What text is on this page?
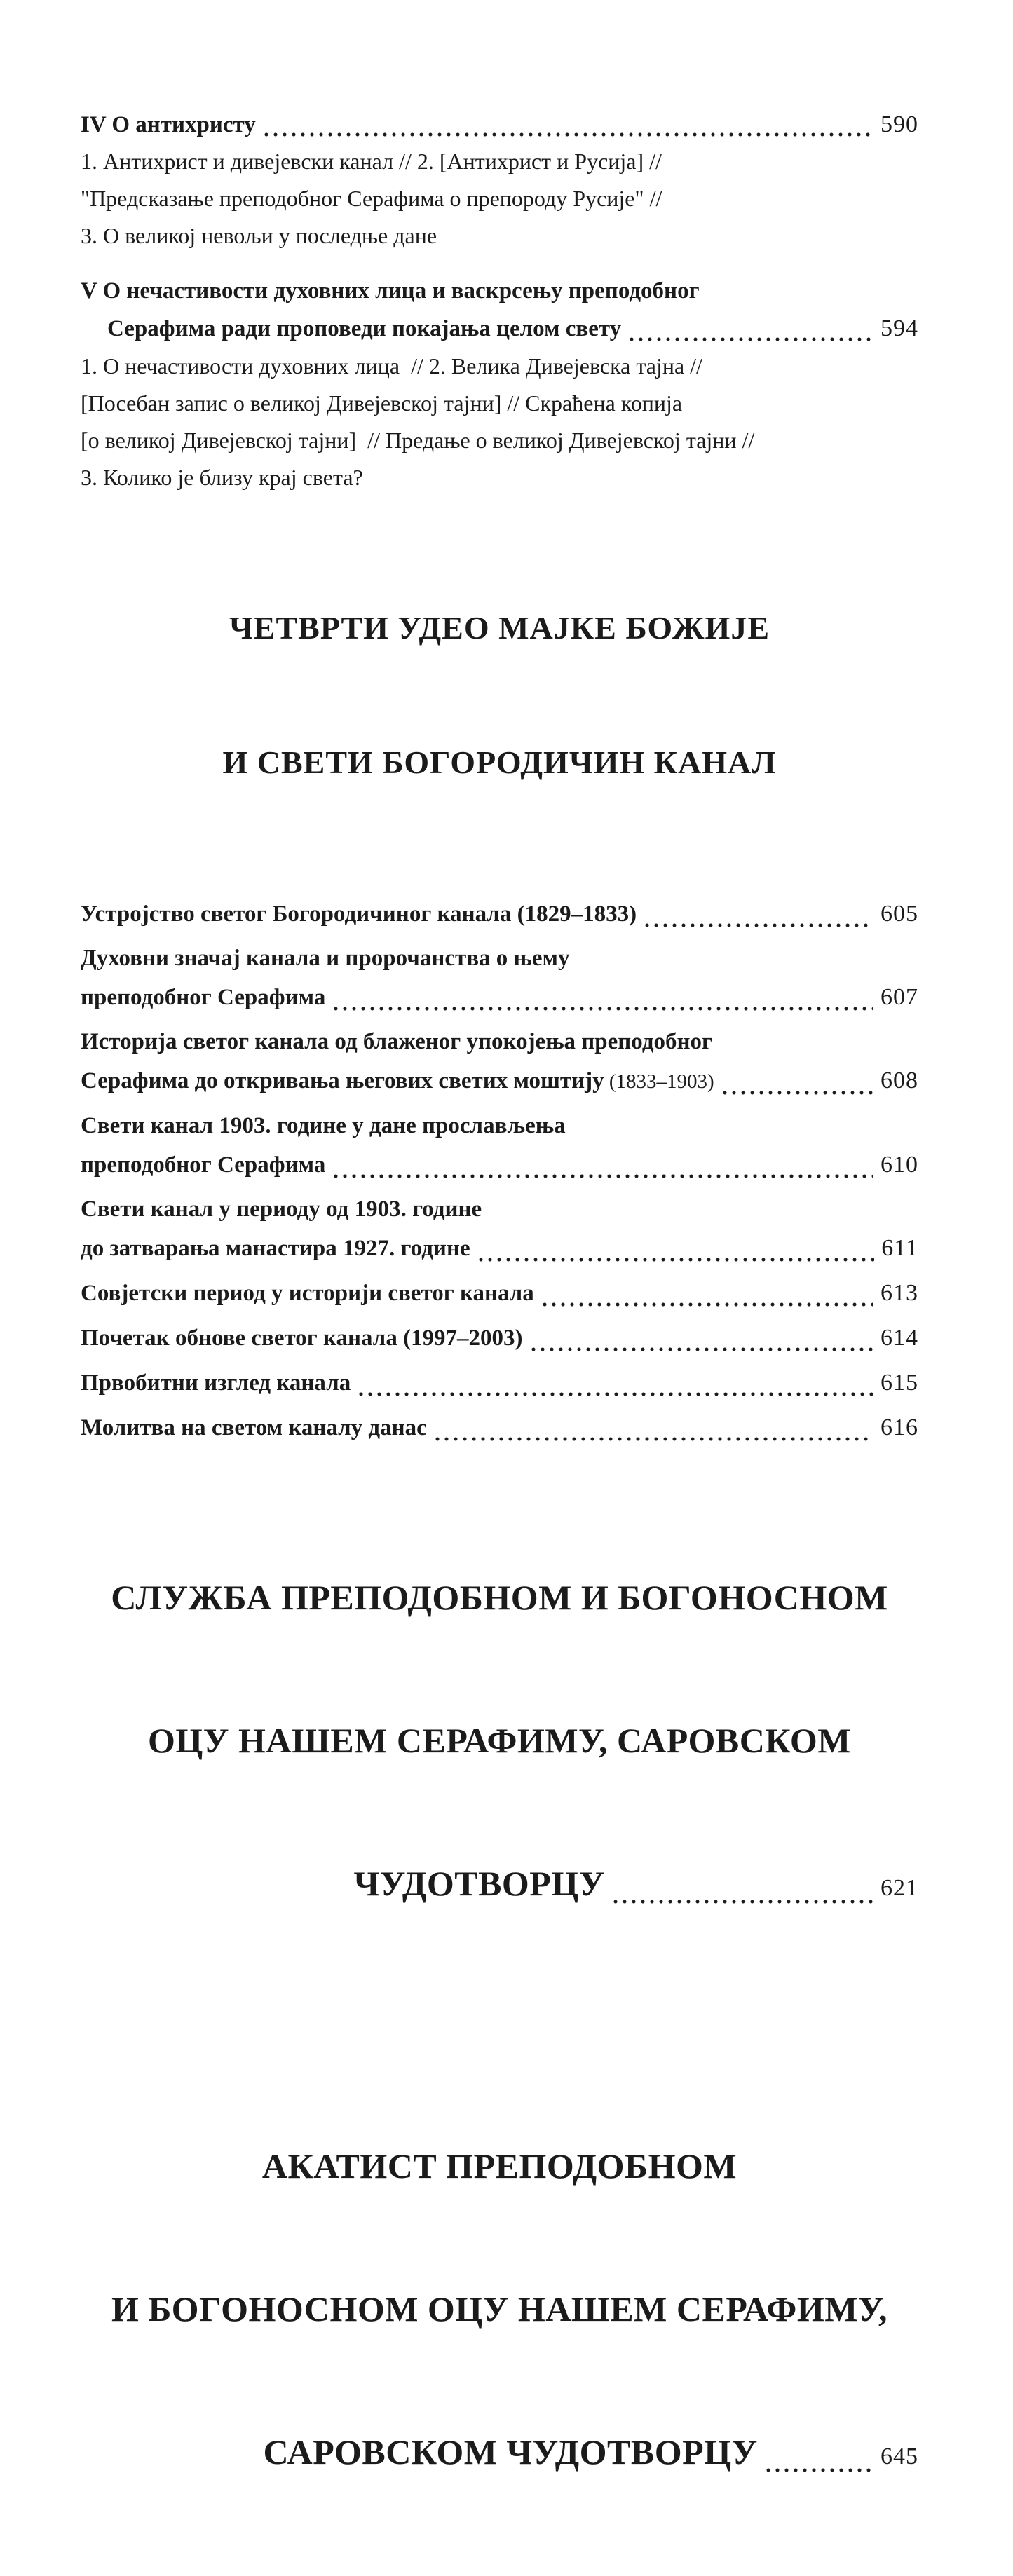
IV О антихристу	590
1. Антихрист и дивејевски канал // 2. [Антихрист и Русија] //
"Предсказање преподобног Серафима о препороду Русије" //
3. О великој невољи у последње дане
V О нечастивости духовних лица и васкрсењу преподобног
Серафима ради проповеди покајања целом свету	594
1. О нечастивости духовних лица  // 2. Велика Дивејевска тајна //
[Посебан запис о великој Дивејевској тајни] // Скраћена копија
[о великој Дивејевској тајни]  // Предање о великој Дивејевској тајни //
3. Колико је близу крај света?

ЧЕТВРТИ УДЕО МАЈКЕ БОЖИЈЕ

И СВЕТИ БОГОРОДИЧИН КАНАЛ

Устројство светог Богородичиног канала (1829–1833)	605
Духовни значај канала и пророчанства о њему
преподобног Серафима	607
Историја светог канала од блаженог упокојења преподобног
Серафима до откривања његових светих моштију (1833–1903)	608
Свети канал 1903. године у дане прослављења
преподобног Серафима	610
Свети канал у периоду од 1903. године
до затварања манастира 1927. године	611
Совјетски период у историји светог канала	613
Почетак обнове светог канала (1997–2003)	614
Првобитни изглед канала	615
Молитва на светом каналу данас	616

СЛУЖБА ПРЕПОДОБНОМ И БОГОНОСНОМ

ОЦУ НАШЕМ СЕРАФИМУ, САРОВСКОМ

ЧУДОТВОРЦУ	621

АКАТИСТ ПРЕПОДОБНОМ

И БОГОНОСНОМ ОЦУ НАШЕМ СЕРАФИМУ,

САРОВСКОМ ЧУДОТВОРЦУ	645
